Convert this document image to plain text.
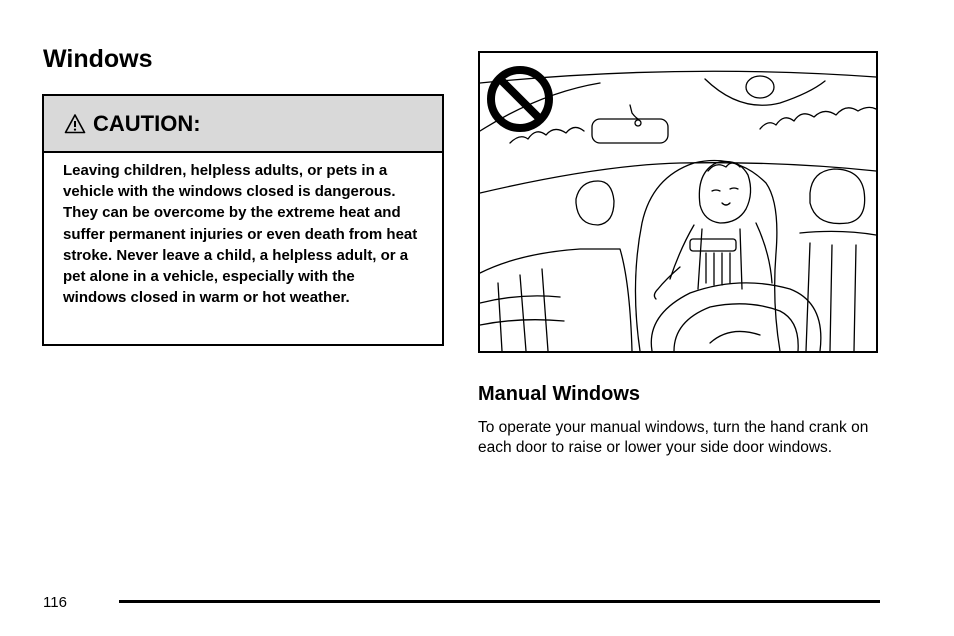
Windows
CAUTION:
Leaving children, helpless adults, or pets in a vehicle with the windows closed is dangerous. They can be overcome by the extreme heat and suffer permanent injuries or even death from heat stroke. Never leave a child, a helpless adult, or a pet alone in a vehicle, especially with the windows closed in warm or hot weather.
Manual Windows

To operate your manual windows, turn the hand crank on each door to raise or lower your side door windows.

116
